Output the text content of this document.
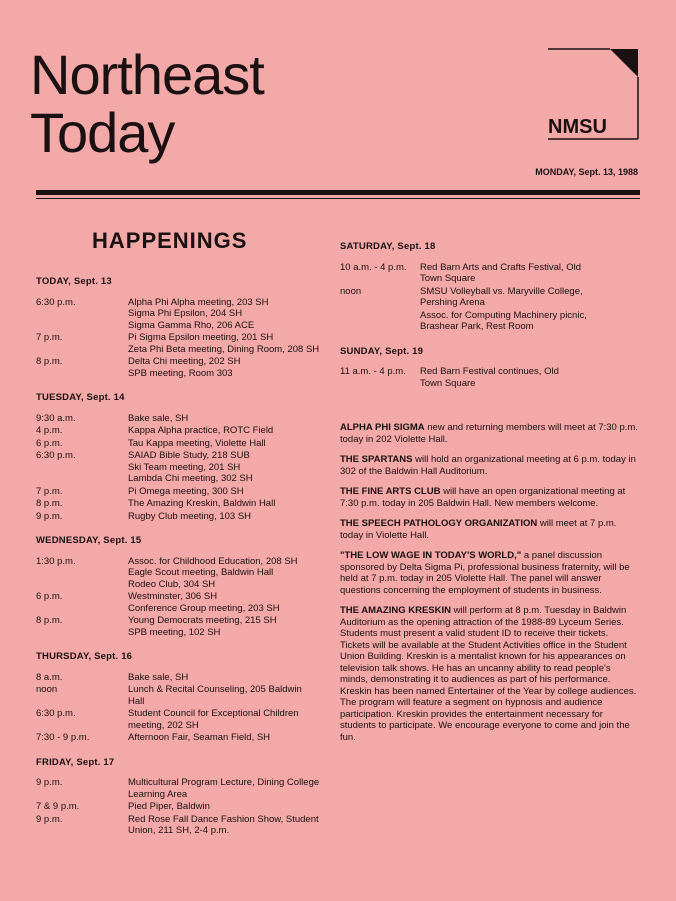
Northeast
Today	NMSU
MONDAY, Sept. 13, 1988
HAPPENINGS
TODAY, Sept. 13
6:30 p.m.	Alpha Phi Alpha meeting, 203 SH
Sigma Phi Epsilon, 204 SH
Sigma Gamma Rho, 206 ACE
7 p.m.	Pi Sigma Epsilon meeting, 201 SH
Zeta Phi Beta meeting, Dining Room, 208 SH
8 p.m.	Delta Chi meeting, 202 SH
SPB meeting, Room 303
TUESDAY, Sept. 14
9:30 a.m.	Bake sale, SH
4 p.m.	Kappa Alpha practice, ROTC Field
6 p.m.	Tau Kappa meeting, Violette Hall
6:30 p.m.	SAIAD Bible Study, 218 SUB
Ski Team meeting, 201 SH
Lambda Chi meeting, 302 SH
7 p.m.	Pi Omega meeting, 300 SH
8 p.m.	The Amazing Kreskin, Baldwin Hall
9 p.m.	Rugby Club meeting, 103 SH
WEDNESDAY, Sept. 15
1:30 p.m.	Assoc. for Childhood Education, 208 SH
Eagle Scout meeting, Baldwin Hall
Rodeo Club, 304 SH
6 p.m.	Westminster, 306 SH
Conference Group meeting, 203 SH
8 p.m.	Young Democrats meeting, 215 SH
SPB meeting, 102 SH
THURSDAY, Sept. 16
8 a.m.	Bake sale, SH
noon	Lunch & Recital Counseling, 205 Baldwin
Hall
6:30 p.m.	Student Council for Exceptional Children
meeting, 202 SH
7:30 - 9 p.m.	Afternoon Fair, Seaman Field, SH
FRIDAY, Sept. 17
9 p.m.	Multicultural Program Lecture, Dining College
Learning Area
7 & 9 p.m.	Pied Piper, Baldwin
9 p.m.	Red Rose Fall Dance Fashion Show, Student
Union, 211 SH, 2-4 p.m.
SATURDAY, Sept. 18
10 a.m. - 4 p.m.	Red Barn Arts and Crafts Festival, Old
Town Square
noon	SMSU Volleyball vs. Maryville College,
Pershing Arena
Assoc. for Computing Machinery picnic,
Brashear Park, Rest Room
SUNDAY, Sept. 19
11 a.m. - 4 p.m.	Red Barn Festival continues, Old
Town Square
ALPHA PHI SIGMA new and returning members will meet at 7:30 p.m. today in 202 Violette Hall.
THE SPARTANS will hold an organizational meeting at 6 p.m. today in 302 of the Baldwin Hall Auditorium.
THE FINE ARTS CLUB will have an open organizational meeting at 7:30 p.m. today in 205 Baldwin Hall. New members welcome.
THE SPEECH PATHOLOGY ORGANIZATION will meet at 7 p.m. today in Violette Hall.
"THE LOW WAGE IN TODAY'S WORLD," a panel discussion sponsored by Delta Sigma Pi, professional business fraternity, will be held at 7 p.m. today in 205 Violette Hall. The panel will answer questions concerning the employment of students in business.
THE AMAZING KRESKIN will perform at 8 p.m. Tuesday in Baldwin Auditorium as the opening attraction of the 1988-89 Lyceum Series. Students must present a valid student ID to receive their tickets. Tickets will be available at the Student Activities office in the Student Union Building. Kreskin is a mentalist known for his appearances on television talk shows. He has an uncanny ability to read people's minds, demonstrating it to audiences as part of his performance. Kreskin has been named Entertainer of the Year by college audiences. The program will feature a segment on hypnosis and audience participation. Kreskin provides the entertainment necessary for students to participate. We encourage everyone to come and join the fun.
